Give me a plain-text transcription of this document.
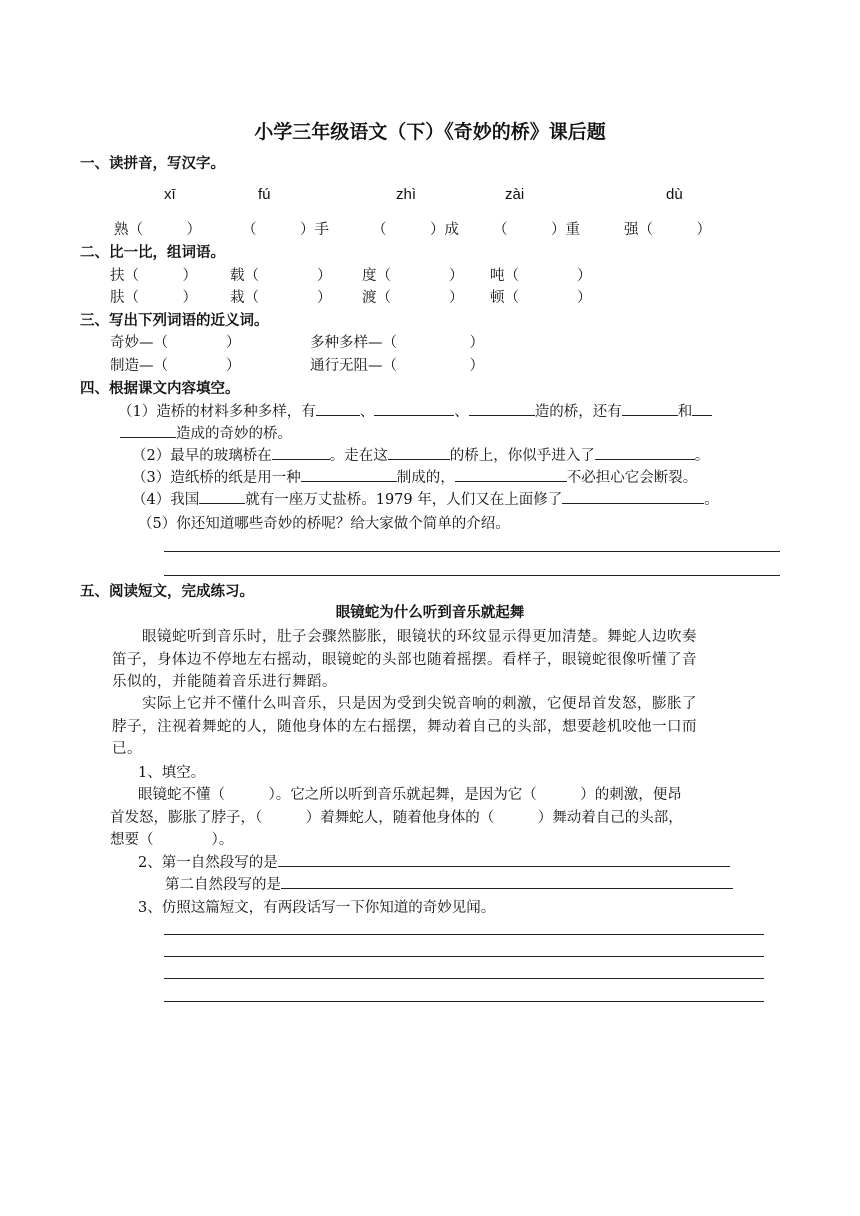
小学三年级语文（下）《奇妙的桥》课后题
一、读拼音，写汉字。
xī	fú	zhì	zài	dù
熟（　　　）	（　　　）手	（　　　）成 （　　　）重	强（　　　）
二、比一比，组词语。
扶（　　　） 载（　　　　） 度（　　　　） 吨（　　　　）
肤（　　　） 栽（　　　　） 渡（　　　　） 顿（　　　　）
三、写出下列词语的近义词。
奇妙—（　　　　）	多种多样—（　　　　　）
制造—（　　　　）	通行无阻—（　　　　　）
四、根据课文内容填空。
（1）造桥的材料多种多样，有	、	、	造的桥，还有	和
造成的奇妙的桥。
（2）最早的玻璃桥在	。走在这	的桥上，你似乎进入了	。
（3）造纸桥的纸是用一种	制成的，	不必担心它会断裂。
（4）我国	就有一座万丈盐桥。1979 年，人们又在上面修了	。
（5）你还知道哪些奇妙的桥呢？给大家做个简单的介绍。
五、阅读短文，完成练习。
眼镜蛇为什么听到音乐就起舞
眼镜蛇听到音乐时，肚子会骤然膨胀，眼镜状的环纹显示得更加清楚。舞蛇人边吹奏
笛子，身体边不停地左右摇动，眼镜蛇的头部也随着摇摆。看样子，眼镜蛇很像听懂了音
乐似的，并能随着音乐进行舞蹈。
实际上它并不懂什么叫音乐，只是因为受到尖锐音响的刺激，它便昂首发怒，膨胀了
脖子，注视着舞蛇的人，随他身体的左右摇摆，舞动着自己的头部，想要趁机咬他一口而
已。
1、填空。
眼镜蛇不懂（　　　）。它之所以听到音乐就起舞，是因为它（　　　）的刺激，便昂
首发怒，膨胀了脖子，（　　　）着舞蛇人，随着他身体的（　　　）舞动着自己的头部，
想要（　　　　）。
2、第一自然段写的是
第二自然段写的是
3、仿照这篇短文，有两段话写一下你知道的奇妙见闻。
